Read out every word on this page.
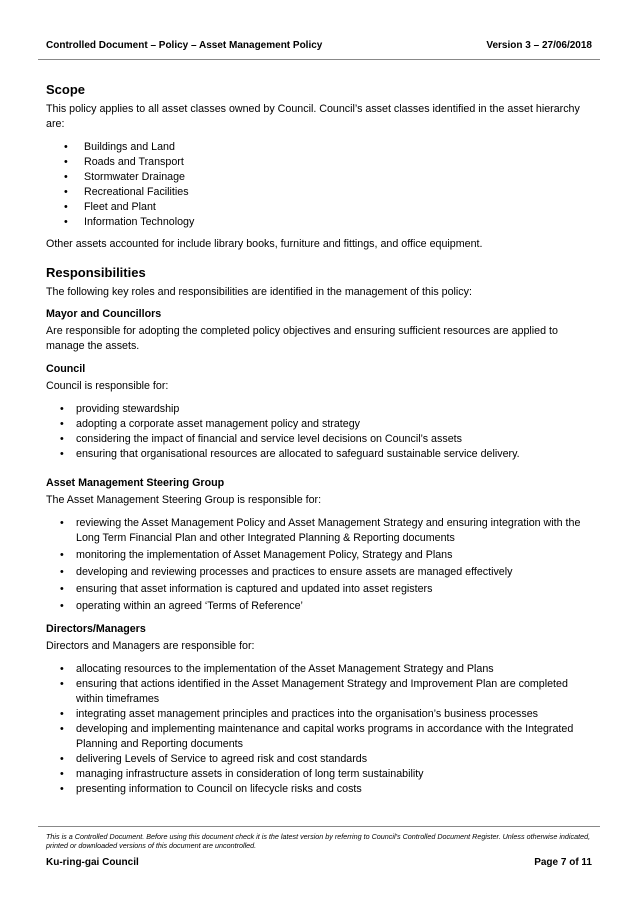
Controlled Document – Policy – Asset Management Policy	Version 3 – 27/06/2018
Scope

This policy applies to all asset classes owned by Council. Council’s asset classes identified in the asset hierarchy are:

• Buildings and Land
• Roads and Transport
• Stormwater Drainage
• Recreational Facilities
• Fleet and Plant
• Information Technology

Other assets accounted for include library books, furniture and fittings, and office equipment.

Responsibilities

The following key roles and responsibilities are identified in the management of this policy:

Mayor and Councillors

Are responsible for adopting the completed policy objectives and ensuring sufficient resources are applied to manage the assets.

Council

Council is responsible for:

• providing stewardship
• adopting a corporate asset management policy and strategy
• considering the impact of financial and service level decisions on Council’s assets
• ensuring that organisational resources are allocated to safeguard sustainable service delivery.
Asset Management Steering Group

The Asset Management Steering Group is responsible for:

• reviewing the Asset Management Policy and Asset Management Strategy and ensuring integration with the Long Term Financial Plan and other Integrated Planning & Reporting documents
• monitoring the implementation of Asset Management Policy, Strategy and Plans
• developing and reviewing processes and practices to ensure assets are managed effectively
• ensuring that asset information is captured and updated into asset registers
• operating within an agreed ‘Terms of Reference’
Directors/Managers

Directors and Managers are responsible for:

• allocating resources to the implementation of the Asset Management Strategy and Plans
• ensuring that actions identified in the Asset Management Strategy and Improvement Plan are completed within timeframes
• integrating asset management principles and practices into the organisation’s business processes
• developing and implementing maintenance and capital works programs in accordance with the Integrated Planning and Reporting documents
• delivering Levels of Service to agreed risk and cost standards
• managing infrastructure assets in consideration of long term sustainability
• presenting information to Council on lifecycle risks and costs
This is a Controlled Document. Before using this document check it is the latest version by referring to Council’s Controlled Document Register. Unless otherwise indicated, printed or downloaded versions of this document are uncontrolled.
Ku-ring-gai Council	Page 7 of 11
